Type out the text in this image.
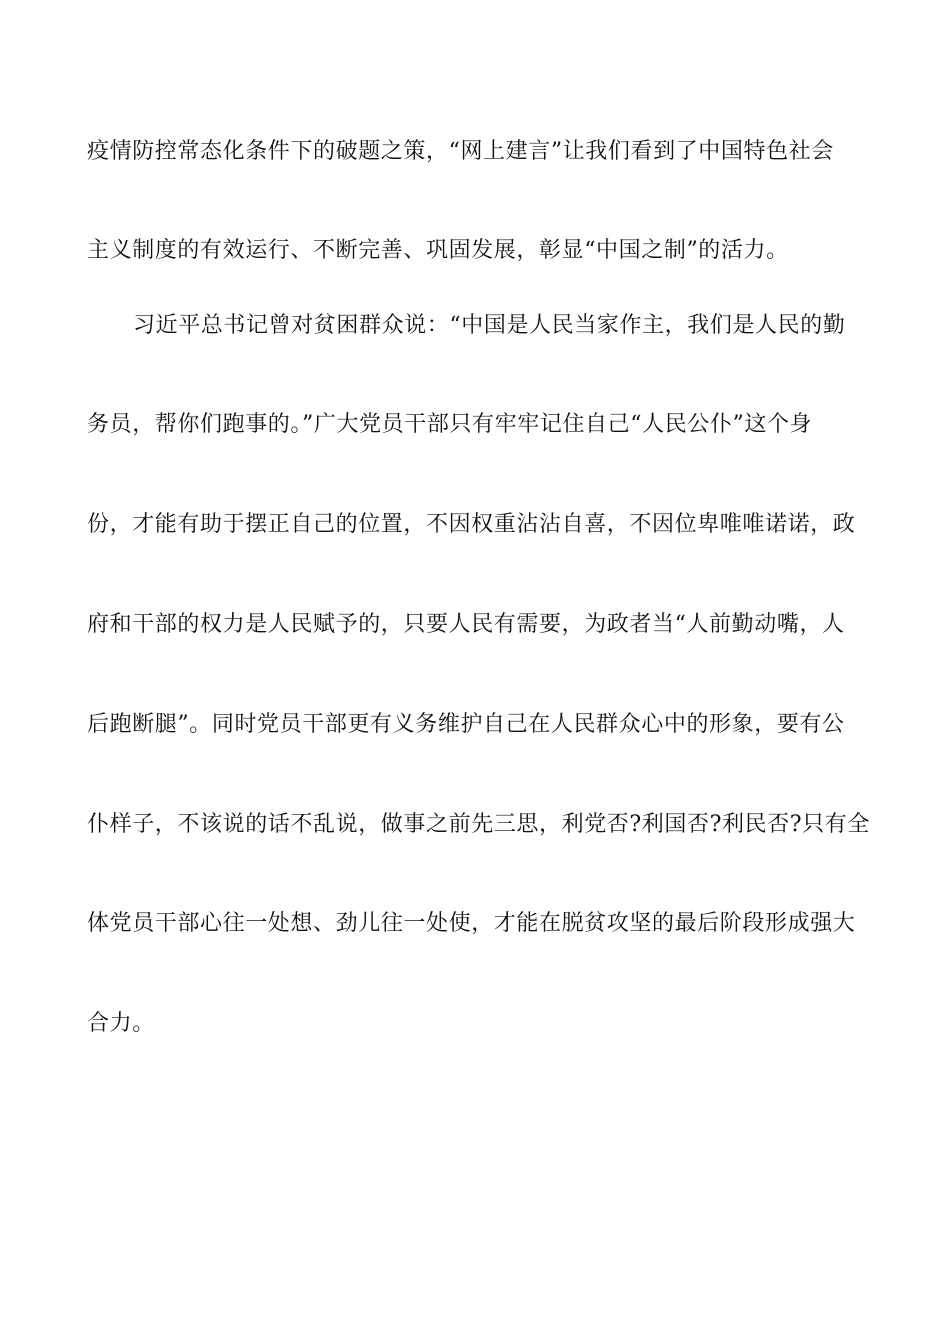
疫情防控常态化条件下的破题之策，“网上建言”让我们看到了中国特色社会
主义制度的有效运行、不断完善、巩固发展，彰显“中国之制”的活力。
习近平总书记曾对贫困群众说：“中国是人民当家作主，我们是人民的勤
务员，帮你们跑事的。”广大党员干部只有牢牢记住自己“人民公仆”这个身
份，才能有助于摆正自己的位置，不因权重沾沾自喜，不因位卑唯唯诺诺，政
府和干部的权力是人民赋予的，只要人民有需要，为政者当“人前勤动嘴，人
后跑断腿”。同时党员干部更有义务维护自己在人民群众心中的形象，要有公
仆样子，不该说的话不乱说，做事之前先三思，利党否?利国否?利民否?只有全
体党员干部心往一处想、劲儿往一处使，才能在脱贫攻坚的最后阶段形成强大
合力。
